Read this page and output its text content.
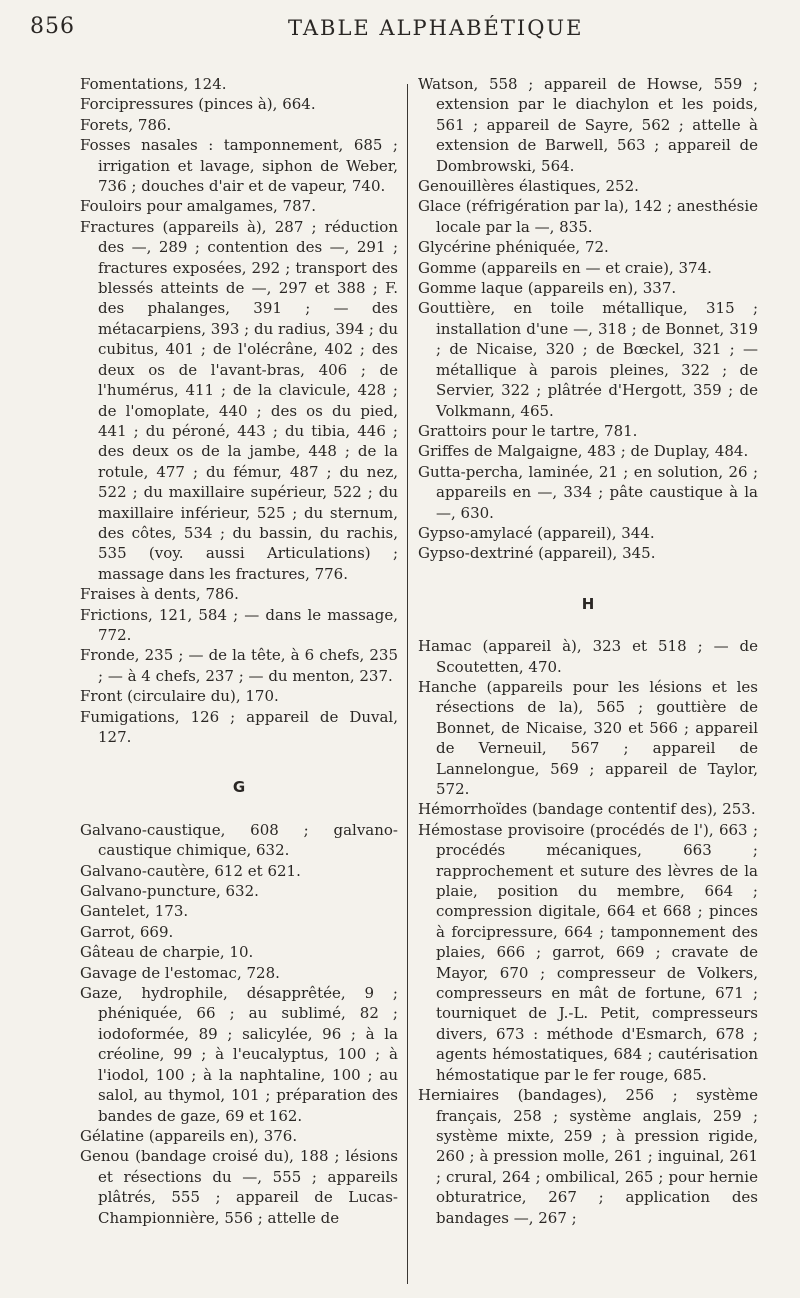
856	TABLE ALPHABÉTIQUE

Fomentations, 124.

Forcipressures (pinces à), 664.

Forets, 786.

Fosses nasales : tamponnement, 685 ; irrigation et lavage, siphon de Weber, 736 ; douches d'air et de vapeur, 740.

Fouloirs pour amalgames, 787.

Fractures (appareils à), 287 ; réduction des —, 289 ; contention des —, 291 ; fractures exposées, 292 ; transport des blessés atteints de —, 297 et 388 ; F. des phalanges, 391 ; — des métacarpiens, 393 ; du radius, 394 ; du cubitus, 401 ; de l'olécrâne, 402 ; des deux os de l'avant-bras, 406 ; de l'humérus, 411 ; de la clavicule, 428 ; de l'omoplate, 440 ; des os du pied, 441 ; du péroné, 443 ; du tibia, 446 ; des deux os de la jambe, 448 ; de la rotule, 477 ; du fémur, 487 ; du nez, 522 ; du maxillaire supérieur, 522 ; du maxillaire inférieur, 525 ; du sternum, des côtes, 534 ; du bassin, du rachis, 535 (voy. aussi Articulations) ; massage dans les fractures, 776.

Fraises à dents, 786.

Frictions, 121, 584 ; — dans le massage, 772.

Fronde, 235 ; — de la tête, à 6 chefs, 235 ; — à 4 chefs, 237 ; — du menton, 237.

Front (circulaire du), 170.

Fumigations, 126 ; appareil de Duval, 127.

G

Galvano-caustique, 608 ; galvano-caustique chimique, 632.

Galvano-cautère, 612 et 621.

Galvano-puncture, 632.

Gantelet, 173.

Garrot, 669.

Gâteau de charpie, 10.

Gavage de l'estomac, 728.

Gaze, hydrophile, désapprêtée, 9 ; phéniquée, 66 ; au sublimé, 82 ; iodoformée, 89 ; salicylée, 96 ; à la créoline, 99 ; à l'eucalyptus, 100 ; à l'iodol, 100 ; à la naphtaline, 100 ; au salol, au thymol, 101 ; préparation des bandes de gaze, 69 et 162.

Gélatine (appareils en), 376.

Genou (bandage croisé du), 188 ; lésions et résections du —, 555 ; appareils plâtrés, 555 ; appareil de Lucas-Championnière, 556 ; attelle de

Watson, 558 ; appareil de Howse, 559 ; extension par le diachylon et les poids, 561 ; appareil de Sayre, 562 ; attelle à extension de Barwell, 563 ; appareil de Dombrowski, 564.

Genouillères élastiques, 252.

Glace (réfrigération par la), 142 ; anesthésie locale par la —, 835.

Glycérine phéniquée, 72.

Gomme (appareils en — et craie), 374.

Gomme laque (appareils en), 337.

Gouttière, en toile métallique, 315 ; installation d'une —, 318 ; de Bonnet, 319 ; de Nicaise, 320 ; de Bœckel, 321 ; — métallique à parois pleines, 322 ; de Servier, 322 ; plâtrée d'Hergott, 359 ; de Volkmann, 465.

Grattoirs pour le tartre, 781.

Griffes de Malgaigne, 483 ; de Duplay, 484.

Gutta-percha, laminée, 21 ; en solution, 26 ; appareils en —, 334 ; pâte caustique à la —, 630.

Gypso-amylacé (appareil), 344.

Gypso-dextriné (appareil), 345.

H

Hamac (appareil à), 323 et 518 ; — de Scoutetten, 470.

Hanche (appareils pour les lésions et les résections de la), 565 ; gouttière de Bonnet, de Nicaise, 320 et 566 ; appareil de Verneuil, 567 ; appareil de Lannelongue, 569 ; appareil de Taylor, 572.

Hémorrhoïdes (bandage contentif des), 253.

Hémostase provisoire (procédés de l'), 663 ; procédés mécaniques, 663 ; rapprochement et suture des lèvres de la plaie, position du membre, 664 ; compression digitale, 664 et 668 ; pinces à forcipressure, 664 ; tamponnement des plaies, 666 ; garrot, 669 ; cravate de Mayor, 670 ; compresseur de Volkers, compresseurs en mât de fortune, 671 ; tourniquet de J.-L. Petit, compresseurs divers, 673 : méthode d'Esmarch, 678 ; agents hémostatiques, 684 ; cautérisation hémostatique par le fer rouge, 685.

Herniaires (bandages), 256 ; système français, 258 ; système anglais, 259 ; système mixte, 259 ; à pression rigide, 260 ; à pression molle, 261 ; inguinal, 261 ; crural, 264 ; ombilical, 265 ; pour hernie obturatrice, 267 ; application des bandages —, 267 ;
